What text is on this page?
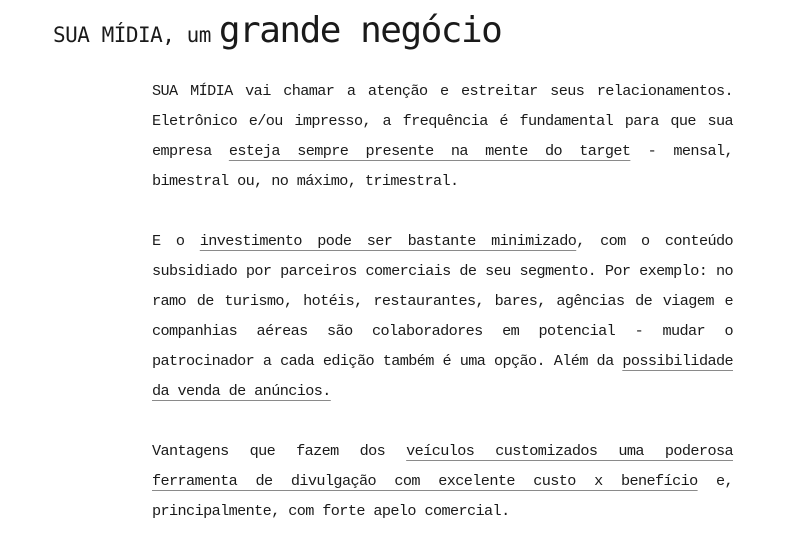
SUA MÍDIA, um grande negócio

SUA MÍDIA vai chamar a atenção e estreitar seus relacionamentos. Eletrônico e/ou impresso, a frequência é fundamental para que sua empresa esteja sempre presente na mente do target - mensal, bimestral ou, no máximo, trimestral.

E o investimento pode ser bastante minimizado, com o conteúdo subsidiado por parceiros comerciais de seu segmento. Por exemplo: no ramo de turismo, hotéis, restaurantes, bares, agências de viagem e companhias aéreas são colaboradores em potencial - mudar o patrocinador a cada edição também é uma opção. Além da possibilidade da venda de anúncios.

Vantagens que fazem dos veículos customizados uma poderosa ferramenta de divulgação com excelente custo x benefício e, principalmente, com forte apelo comercial.
